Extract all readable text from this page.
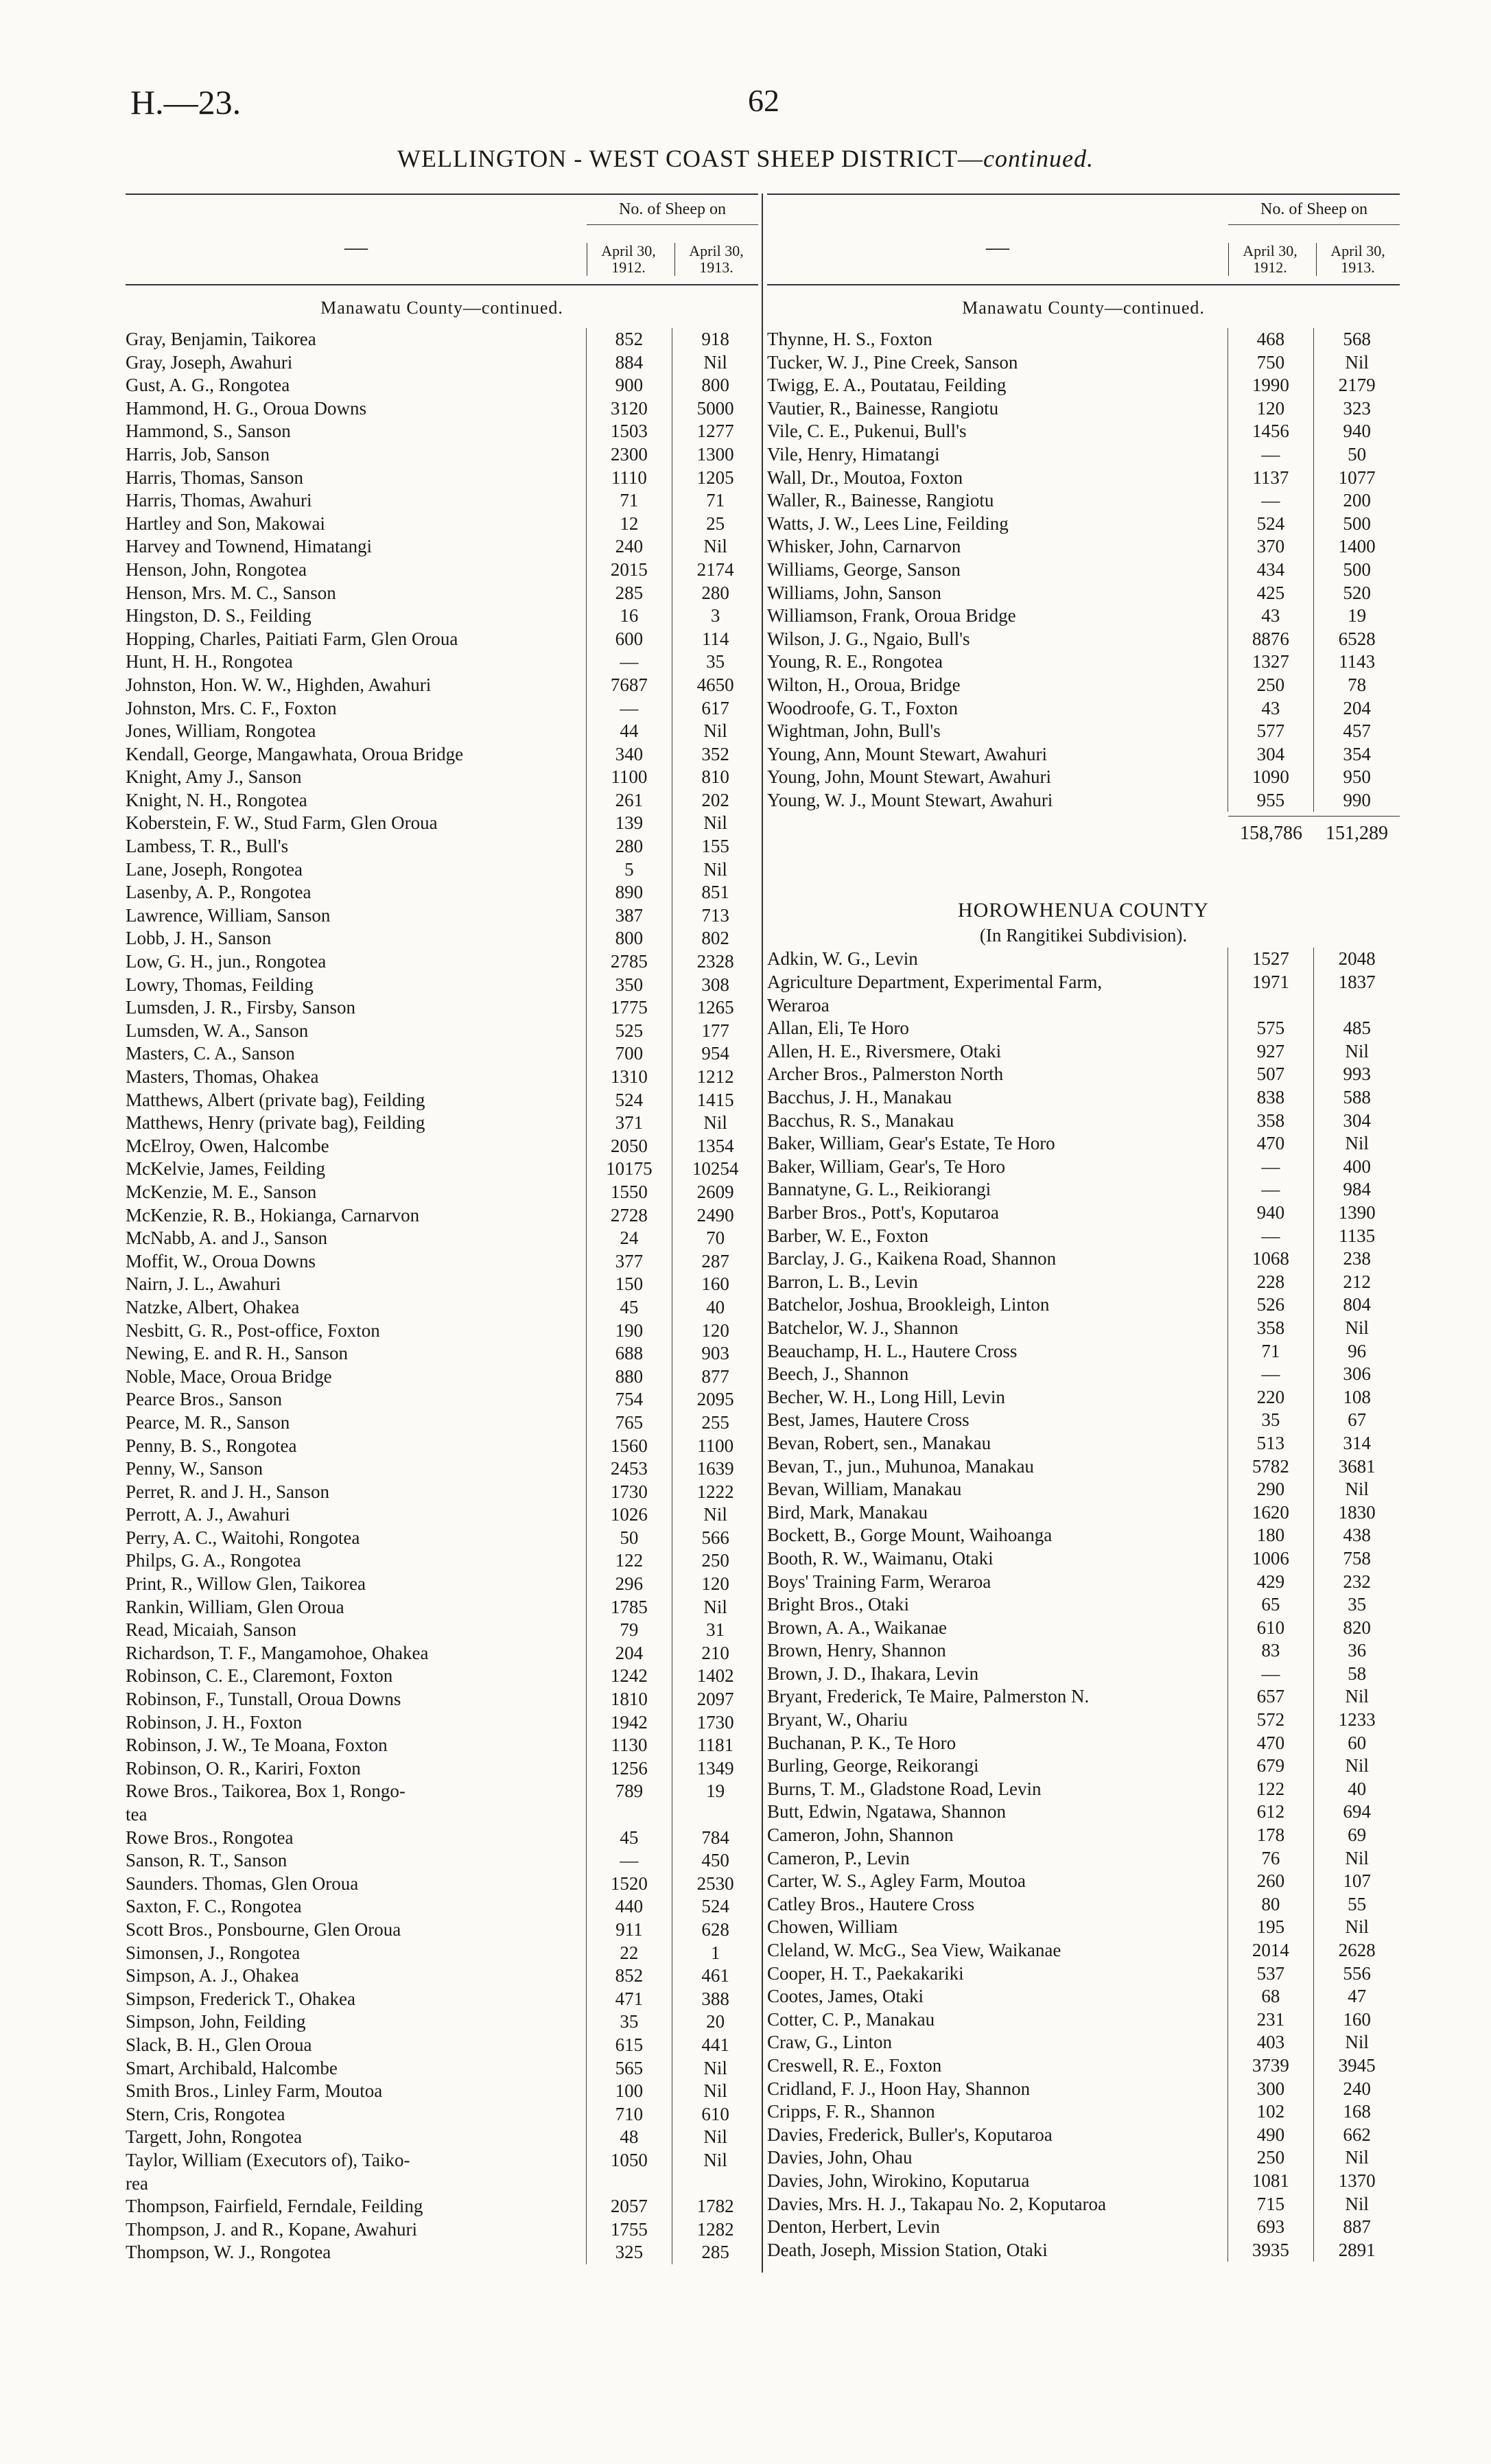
H.—23.	62
WELLINGTON - WEST COAST SHEEP DISTRICT—continued.
—
No. of Sheep on
April 30, 1912.
April 30, 1913.
Manawatu County—continued.
Gray, Benjamin, Taikorea	852	918
Gray, Joseph, Awahuri	884	Nil
Gust, A. G., Rongotea	900	800
Hammond, H. G., Oroua Downs	3120	5000
Hammond, S., Sanson	1503	1277
Harris, Job, Sanson	2300	1300
Harris, Thomas, Sanson	1110	1205
Harris, Thomas, Awahuri	71	71
Hartley and Son, Makowai	12	25
Harvey and Townend, Himatangi	240	Nil
Henson, John, Rongotea	2015	2174
Henson, Mrs. M. C., Sanson	285	280
Hingston, D. S., Feilding	16	3
Hopping, Charles, Paitiati Farm, Glen Oroua	600	114
Hunt, H. H., Rongotea	—	35
Johnston, Hon. W. W., Highden, Awahuri	7687	4650
Johnston, Mrs. C. F., Foxton	—	617
Jones, William, Rongotea	44	Nil
Kendall, George, Mangawhata, Oroua Bridge	340	352
Knight, Amy J., Sanson	1100	810
Knight, N. H., Rongotea	261	202
Koberstein, F. W., Stud Farm, Glen Oroua	139	Nil
Lambess, T. R., Bull's	280	155
Lane, Joseph, Rongotea	5	Nil
Lasenby, A. P., Rongotea	890	851
Lawrence, William, Sanson	387	713
Lobb, J. H., Sanson	800	802
Low, G. H., jun., Rongotea	2785	2328
Lowry, Thomas, Feilding	350	308
Lumsden, J. R., Firsby, Sanson	1775	1265
Lumsden, W. A., Sanson	525	177
Masters, C. A., Sanson	700	954
Masters, Thomas, Ohakea	1310	1212
Matthews, Albert (private bag), Feilding	524	1415
Matthews, Henry (private bag), Feilding	371	Nil
McElroy, Owen, Halcombe	2050	1354
McKelvie, James, Feilding	10175	10254
McKenzie, M. E., Sanson	1550	2609
McKenzie, R. B., Hokianga, Carnarvon	2728	2490
McNabb, A. and J., Sanson	24	70
Moffit, W., Oroua Downs	377	287
Nairn, J. L., Awahuri	150	160
Natzke, Albert, Ohakea	45	40
Nesbitt, G. R., Post-office, Foxton	190	120
Newing, E. and R. H., Sanson	688	903
Noble, Mace, Oroua Bridge	880	877
Pearce Bros., Sanson	754	2095
Pearce, M. R., Sanson	765	255
Penny, B. S., Rongotea	1560	1100
Penny, W., Sanson	2453	1639
Perret, R. and J. H., Sanson	1730	1222
Perrott, A. J., Awahuri	1026	Nil
Perry, A. C., Waitohi, Rongotea	50	566
Philps, G. A., Rongotea	122	250
Print, R., Willow Glen, Taikorea	296	120
Rankin, William, Glen Oroua	1785	Nil
Read, Micaiah, Sanson	79	31
Richardson, T. F., Mangamohoe, Ohakea	204	210
Robinson, C. E., Claremont, Foxton	1242	1402
Robinson, F., Tunstall, Oroua Downs	1810	2097
Robinson, J. H., Foxton	1942	1730
Robinson, J. W., Te Moana, Foxton	1130	1181
Robinson, O. R., Kariri, Foxton	1256	1349
Rowe Bros., Taikorea, Box 1, Rongo-	789	19
tea
Rowe Bros., Rongotea	45	784
Sanson, R. T., Sanson	—	450
Saunders. Thomas, Glen Oroua	1520	2530
Saxton, F. C., Rongotea	440	524
Scott Bros., Ponsbourne, Glen Oroua	911	628
Simonsen, J., Rongotea	22	1
Simpson, A. J., Ohakea	852	461
Simpson, Frederick T., Ohakea	471	388
Simpson, John, Feilding	35	20
Slack, B. H., Glen Oroua	615	441
Smart, Archibald, Halcombe	565	Nil
Smith Bros., Linley Farm, Moutoa	100	Nil
Stern, Cris, Rongotea	710	610
Targett, John, Rongotea	48	Nil
Taylor, William (Executors of), Taiko-	1050	Nil
rea
Thompson, Fairfield, Ferndale, Feilding	2057	1782
Thompson, J. and R., Kopane, Awahuri	1755	1282
Thompson, W. J., Rongotea	325	285
—
No. of Sheep on
April 30, 1912.
April 30, 1913.
Manawatu County—continued.
Thynne, H. S., Foxton	468	568
Tucker, W. J., Pine Creek, Sanson	750	Nil
Twigg, E. A., Poutatau, Feilding	1990	2179
Vautier, R., Bainesse, Rangiotu	120	323
Vile, C. E., Pukenui, Bull's	1456	940
Vile, Henry, Himatangi	—	50
Wall, Dr., Moutoa, Foxton	1137	1077
Waller, R., Bainesse, Rangiotu	—	200
Watts, J. W., Lees Line, Feilding	524	500
Whisker, John, Carnarvon	370	1400
Williams, George, Sanson	434	500
Williams, John, Sanson	425	520
Williamson, Frank, Oroua Bridge	43	19
Wilson, J. G., Ngaio, Bull's	8876	6528
Young, R. E., Rongotea	1327	1143
Wilton, H., Oroua, Bridge	250	78
Woodroofe, G. T., Foxton	43	204
Wightman, John, Bull's	577	457
Young, Ann, Mount Stewart, Awahuri	304	354
Young, John, Mount Stewart, Awahuri	1090	950
Young, W. J., Mount Stewart, Awahuri	955	990
158,786	151,289
HOROWHENUA COUNTY
(In Rangitikei Subdivision).
Adkin, W. G., Levin	1527	2048
Agriculture Department, Experimental Farm,	1971	1837
Weraroa
Allan, Eli, Te Horo	575	485
Allen, H. E., Riversmere, Otaki	927	Nil
Archer Bros., Palmerston North	507	993
Bacchus, J. H., Manakau	838	588
Bacchus, R. S., Manakau	358	304
Baker, William, Gear's Estate, Te Horo	470	Nil
Baker, William, Gear's, Te Horo	—	400
Bannatyne, G. L., Reikiorangi	—	984
Barber Bros., Pott's, Koputaroa	940	1390
Barber, W. E., Foxton	—	1135
Barclay, J. G., Kaikena Road, Shannon	1068	238
Barron, L. B., Levin	228	212
Batchelor, Joshua, Brookleigh, Linton	526	804
Batchelor, W. J., Shannon	358	Nil
Beauchamp, H. L., Hautere Cross	71	96
Beech, J., Shannon	—	306
Becher, W. H., Long Hill, Levin	220	108
Best, James, Hautere Cross	35	67
Bevan, Robert, sen., Manakau	513	314
Bevan, T., jun., Muhunoa, Manakau	5782	3681
Bevan, William, Manakau	290	Nil
Bird, Mark, Manakau	1620	1830
Bockett, B., Gorge Mount, Waihoanga	180	438
Booth, R. W., Waimanu, Otaki	1006	758
Boys' Training Farm, Weraroa	429	232
Bright Bros., Otaki	65	35
Brown, A. A., Waikanae	610	820
Brown, Henry, Shannon	83	36
Brown, J. D., Ihakara, Levin	—	58
Bryant, Frederick, Te Maire, Palmerston N.	657	Nil
Bryant, W., Ohariu	572	1233
Buchanan, P. K., Te Horo	470	60
Burling, George, Reikorangi	679	Nil
Burns, T. M., Gladstone Road, Levin	122	40
Butt, Edwin, Ngatawa, Shannon	612	694
Cameron, John, Shannon	178	69
Cameron, P., Levin	76	Nil
Carter, W. S., Agley Farm, Moutoa	260	107
Catley Bros., Hautere Cross	80	55
Chowen, William	195	Nil
Cleland, W. McG., Sea View, Waikanae	2014	2628
Cooper, H. T., Paekakariki	537	556
Cootes, James, Otaki	68	47
Cotter, C. P., Manakau	231	160
Craw, G., Linton	403	Nil
Creswell, R. E., Foxton	3739	3945
Cridland, F. J., Hoon Hay, Shannon	300	240
Cripps, F. R., Shannon	102	168
Davies, Frederick, Buller's, Koputaroa	490	662
Davies, John, Ohau	250	Nil
Davies, John, Wirokino, Koputarua	1081	1370
Davies, Mrs. H. J., Takapau No. 2, Koputaroa	715	Nil
Denton, Herbert, Levin	693	887
Death, Joseph, Mission Station, Otaki	3935	2891
